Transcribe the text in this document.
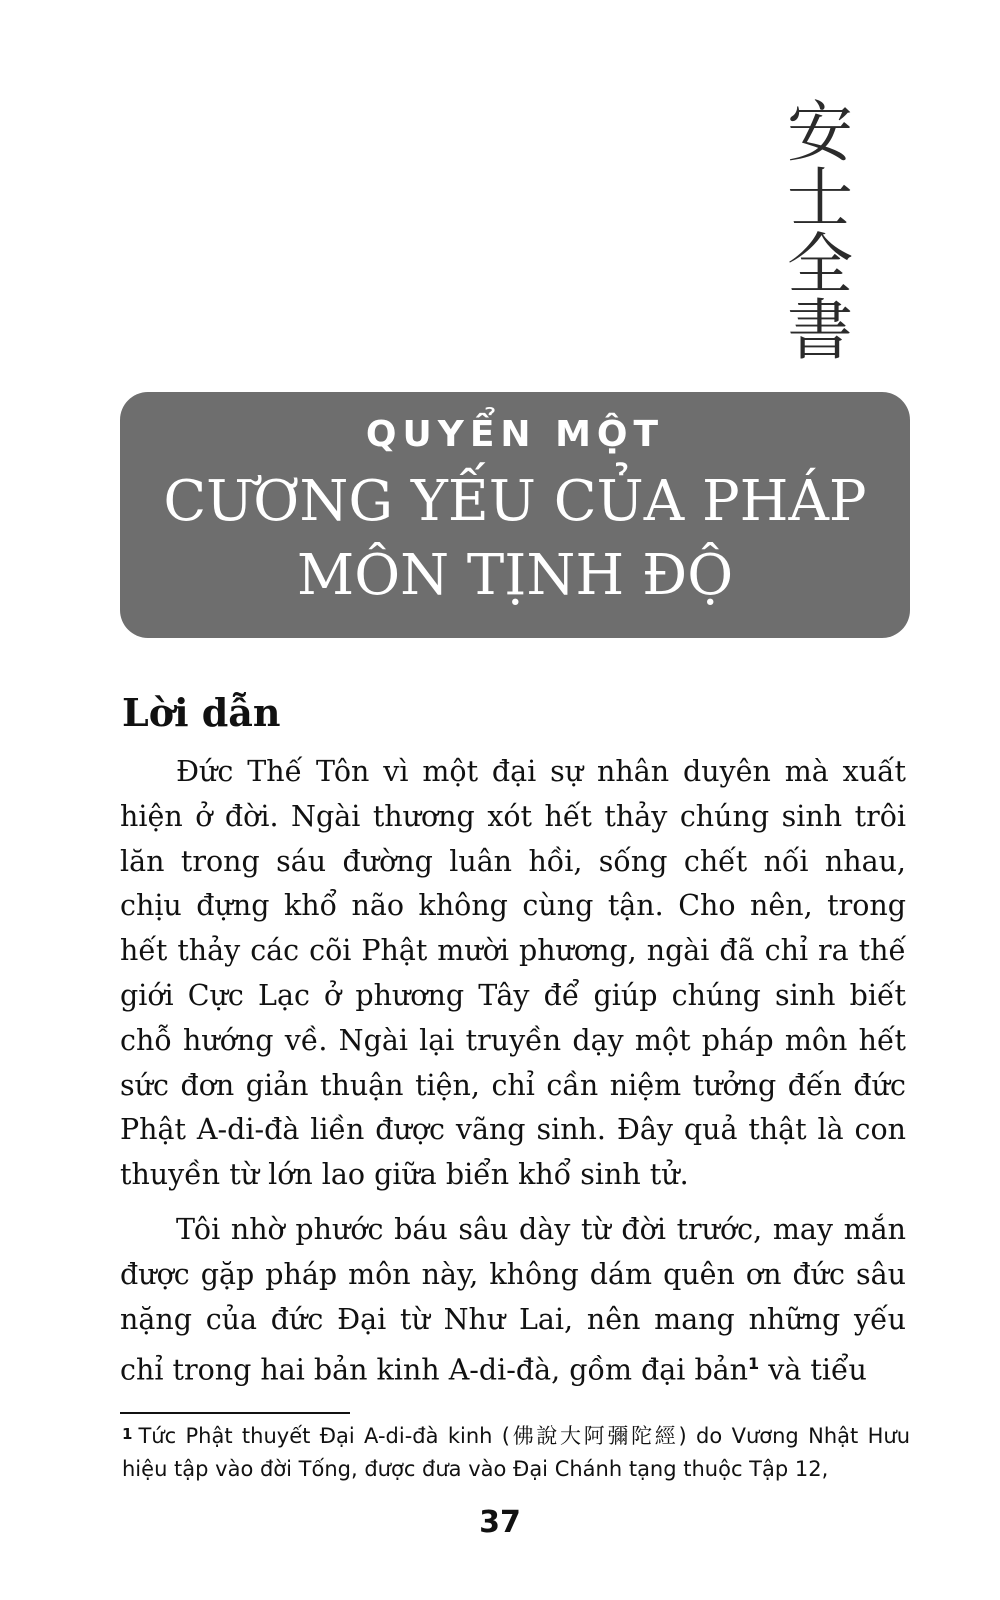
安士全書
QUYỂN MỘT
CƯƠNG YẾU CỦA PHÁP MÔN TỊNH ĐỘ
Lời dẫn

Đức Thế Tôn vì một đại sự nhân duyên mà xuất hiện ở đời. Ngài thương xót hết thảy chúng sinh trôi lăn trong sáu đường luân hồi, sống chết nối nhau, chịu đựng khổ não không cùng tận. Cho nên, trong hết thảy các cõi Phật mười phương, ngài đã chỉ ra thế giới Cực Lạc ở phương Tây để giúp chúng sinh biết chỗ hướng về. Ngài lại truyền dạy một pháp môn hết sức đơn giản thuận tiện, chỉ cần niệm tưởng đến đức Phật A-di-đà liền được vãng sinh. Đây quả thật là con thuyền từ lớn lao giữa biển khổ sinh tử.

Tôi nhờ phước báu sâu dày từ đời trước, may mắn được gặp pháp môn này, không dám quên ơn đức sâu nặng của đức Đại từ Như Lai, nên mang những yếu chỉ trong hai bản kinh A-di-đà, gồm đại bản$^1$ và tiểu

$^1$ Tức Phật thuyết Đại A-di-đà kinh (佛說大阿彌陀經) do Vương Nhật Hưu hiệu tập vào đời Tống, được đưa vào Đại Chánh tạng thuộc Tập 12,
37
